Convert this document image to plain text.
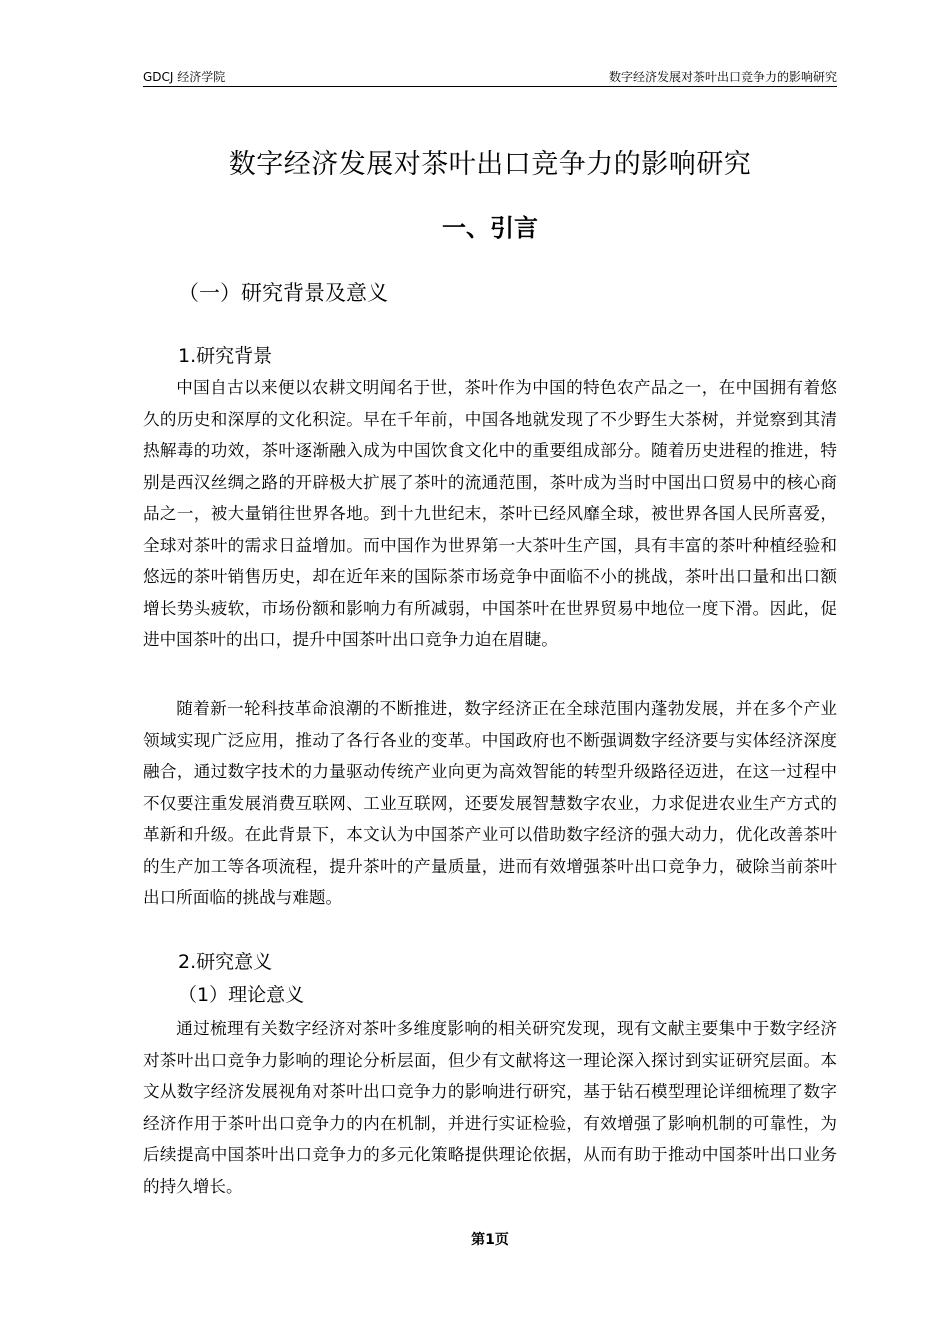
GDCJ 经济学院	数字经济发展对茶叶出口竞争力的影响研究
数字经济发展对茶叶出口竞争力的影响研究
一、引言
（一）研究背景及意义
1.研究背景

中国自古以来便以农耕文明闻名于世，茶叶作为中国的特色农产品之一，在中国拥有着悠久的历史和深厚的文化积淀。早在千年前，中国各地就发现了不少野生大茶树，并觉察到其清热解毒的功效，茶叶逐渐融入成为中国饮食文化中的重要组成部分。随着历史进程的推进，特别是西汉丝绸之路的开辟极大扩展了茶叶的流通范围，茶叶成为当时中国出口贸易中的核心商品之一，被大量销往世界各地。到十九世纪末，茶叶已经风靡全球，被世界各国人民所喜爱，全球对茶叶的需求日益增加。而中国作为世界第一大茶叶生产国，具有丰富的茶叶种植经验和悠远的茶叶销售历史，却在近年来的国际茶市场竞争中面临不小的挑战，茶叶出口量和出口额增长势头疲软，市场份额和影响力有所减弱，中国茶叶在世界贸易中地位一度下滑。因此，促进中国茶叶的出口，提升中国茶叶出口竞争力迫在眉睫。

随着新一轮科技革命浪潮的不断推进，数字经济正在全球范围内蓬勃发展，并在多个产业领域实现广泛应用，推动了各行各业的变革。中国政府也不断强调数字经济要与实体经济深度融合，通过数字技术的力量驱动传统产业向更为高效智能的转型升级路径迈进，在这一过程中不仅要注重发展消费互联网、工业互联网，还要发展智慧数字农业，力求促进农业生产方式的革新和升级。在此背景下，本文认为中国茶产业可以借助数字经济的强大动力，优化改善茶叶的生产加工等各项流程，提升茶叶的产量质量，进而有效增强茶叶出口竞争力，破除当前茶叶出口所面临的挑战与难题。

2.研究意义
（1）理论意义

通过梳理有关数字经济对茶叶多维度影响的相关研究发现，现有文献主要集中于数字经济对茶叶出口竞争力影响的理论分析层面，但少有文献将这一理论深入探讨到实证研究层面。本文从数字经济发展视角对茶叶出口竞争力的影响进行研究，基于钻石模型理论详细梳理了数字经济作用于茶叶出口竞争力的内在机制，并进行实证检验，有效增强了影响机制的可靠性，为后续提高中国茶叶出口竞争力的多元化策略提供理论依据，从而有助于推动中国茶叶出口业务的持久增长。

第1页
